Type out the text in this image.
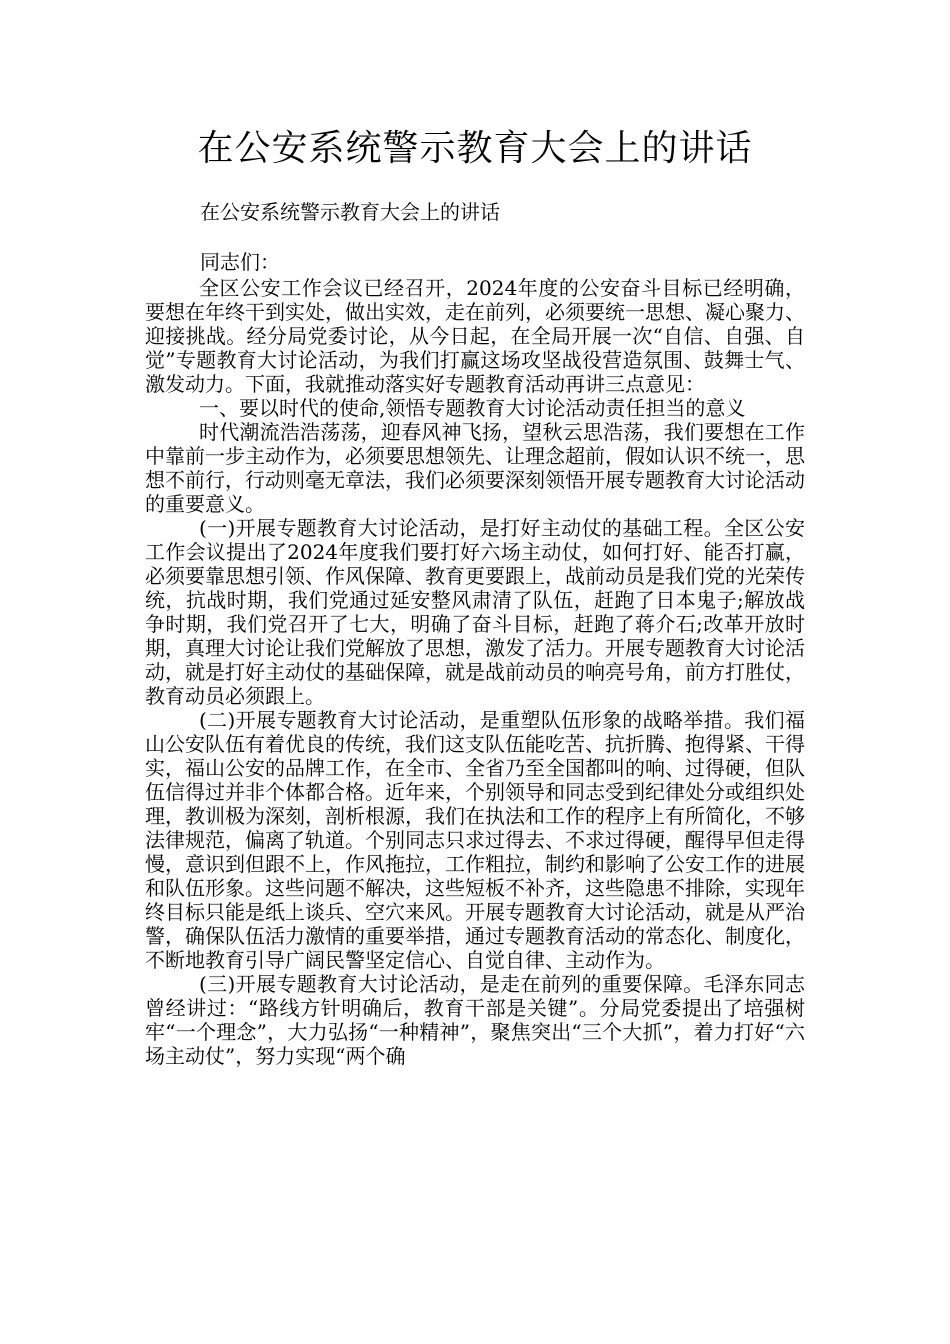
在公安系统警示教育大会上的讲话

在公安系统警示教育大会上的讲话

同志们：

全区公安工作会议已经召开，2024年度的公安奋斗目标已经明确，要想在年终干到实处，做出实效，走在前列，必须要统一思想、凝心聚力、迎接挑战。经分局党委讨论，从今日起，在全局开展一次“自信、自强、自觉”专题教育大讨论活动，为我们打赢这场攻坚战役营造氛围、鼓舞士气、激发动力。下面，我就推动落实好专题教育活动再讲三点意见：

一、要以时代的使命,领悟专题教育大讨论活动责任担当的意义

时代潮流浩浩荡荡，迎春风神飞扬，望秋云思浩荡，我们要想在工作中靠前一步主动作为，必须要思想领先、让理念超前，假如认识不统一，思想不前行，行动则毫无章法，我们必须要深刻领悟开展专题教育大讨论活动的重要意义。

(一)开展专题教育大讨论活动，是打好主动仗的基础工程。全区公安工作会议提出了2024年度我们要打好六场主动仗，如何打好、能否打赢，必须要靠思想引领、作风保障、教育更要跟上，战前动员是我们党的光荣传统，抗战时期，我们党通过延安整风肃清了队伍，赶跑了日本鬼子;解放战争时期，我们党召开了七大，明确了奋斗目标，赶跑了蒋介石;改革开放时期，真理大讨论让我们党解放了思想，激发了活力。开展专题教育大讨论活动，就是打好主动仗的基础保障，就是战前动员的响亮号角，前方打胜仗，教育动员必须跟上。

(二)开展专题教育大讨论活动，是重塑队伍形象的战略举措。我们福山公安队伍有着优良的传统，我们这支队伍能吃苦、抗折腾、抱得紧、干得实，福山公安的品牌工作，在全市、全省乃至全国都叫的响、过得硬，但队伍信得过并非个体都合格。近年来，个别领导和同志受到纪律处分或组织处理，教训极为深刻，剖析根源，我们在执法和工作的程序上有所简化，不够法律规范，偏离了轨道。个别同志只求过得去、不求过得硬，醒得早但走得慢，意识到但跟不上，作风拖拉，工作粗拉，制约和影响了公安工作的进展和队伍形象。这些问题不解决，这些短板不补齐，这些隐患不排除，实现年终目标只能是纸上谈兵、空穴来风。开展专题教育大讨论活动，就是从严治警，确保队伍活力激情的重要举措，通过专题教育活动的常态化、制度化，不断地教育引导广阔民警坚定信心、自觉自律、主动作为。

(三)开展专题教育大讨论活动，是走在前列的重要保障。毛泽东同志曾经讲过：“路线方针明确后，教育干部是关键”。分局党委提出了培强树牢“一个理念”，大力弘扬“一种精神”，聚焦突出“三个大抓”，着力打好“六场主动仗”，努力实现“两个确
